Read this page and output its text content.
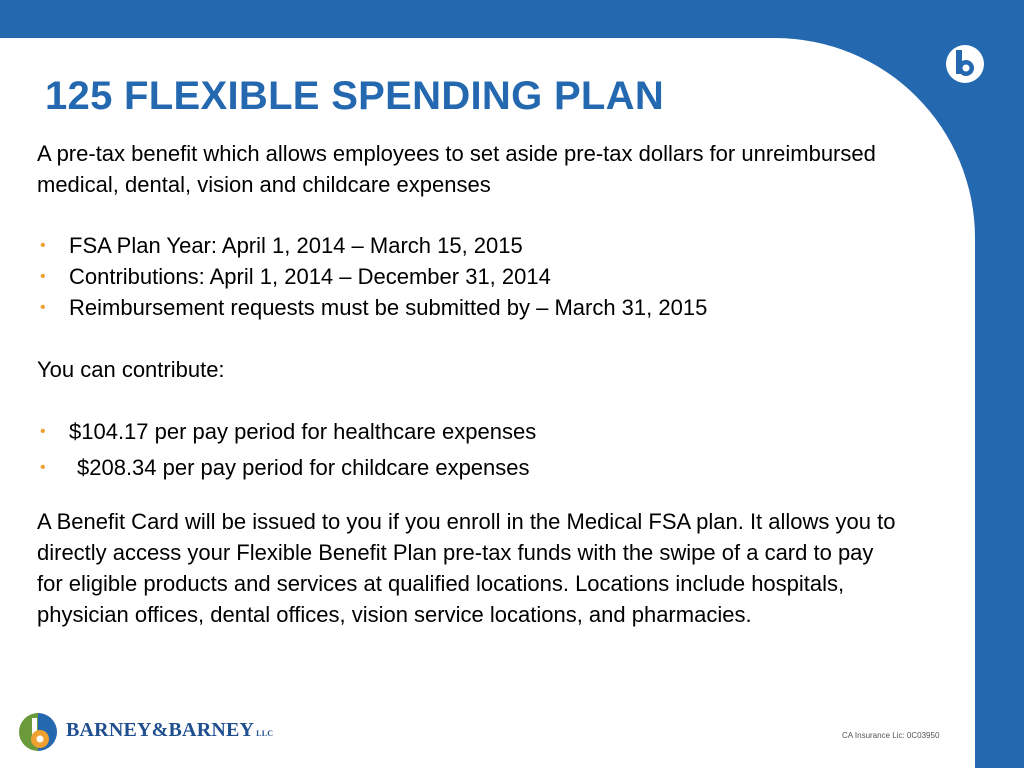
125 FLEXIBLE SPENDING PLAN

A pre-tax benefit which allows employees to set aside pre-tax dollars for unreimbursed medical, dental, vision and childcare expenses

• FSA Plan Year: April 1, 2014 – March 15, 2015
• Contributions: April 1, 2014 – December 31, 2014
• Reimbursement requests must be submitted by – March 31, 2015

You can contribute:

• $104.17 per pay period for healthcare expenses
• $208.34 per pay period for childcare expenses

A Benefit Card will be issued to you if you enroll in the Medical FSA plan. It allows you to directly access your Flexible Benefit Plan pre-tax funds with the swipe of a card to pay for eligible products and services at qualified locations. Locations include hospitals, physician offices, dental offices, vision service locations, and pharmacies.

BARNEY&BARNEY LLC	CA Insurance Lic: 0C03950
